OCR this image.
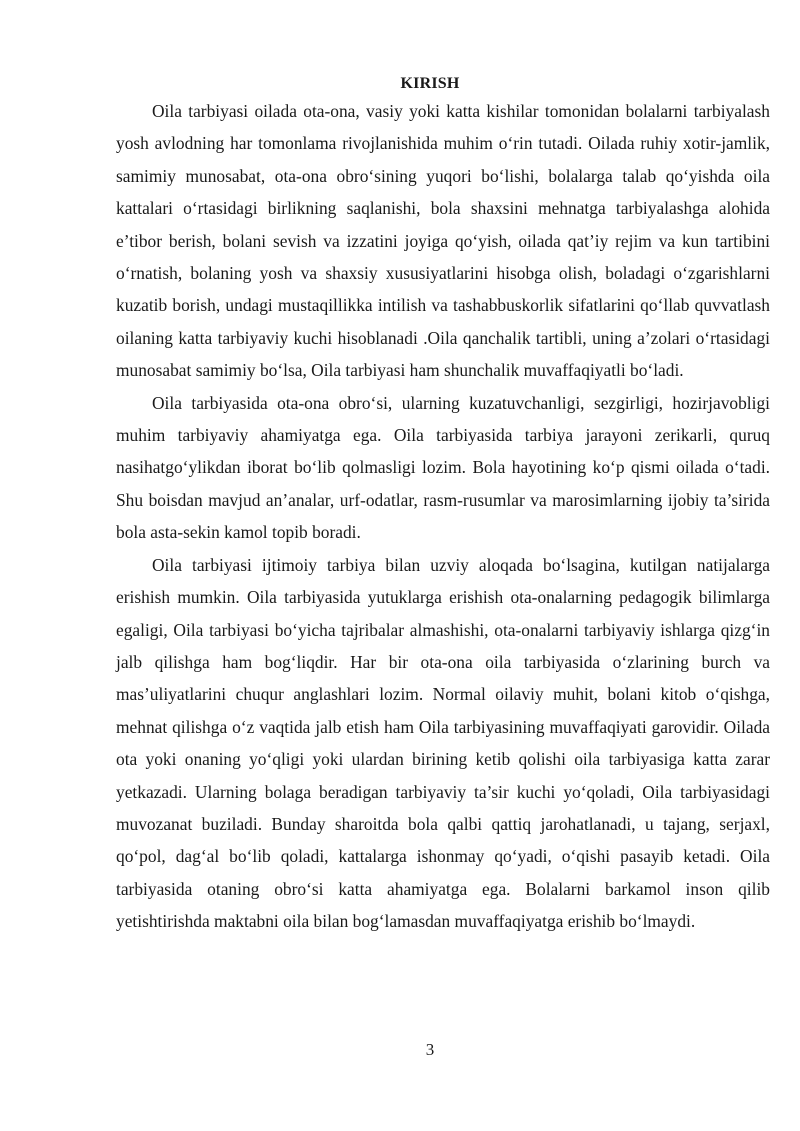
KIRISH

Oila tarbiyasi oilada ota-ona, vasiy yoki katta kishilar tomonidan bolalarni tarbiyalash yosh avlodning har tomonlama rivojlanishida muhim o‘rin tutadi. Oilada ruhiy xotir-jamlik, samimiy munosabat, ota-ona obro‘sining yuqori bo‘lishi, bolalarga talab qo‘yishda oila kattalari o‘rtasidagi birlikning saqlanishi, bola shaxsini mehnatga tarbiyalashga alohida e’tibor berish, bolani sevish va izzatini joyiga qo‘yish, oilada qat’iy rejim va kun tartibini o‘rnatish, bolaning yosh va shaxsiy xususiyatlarini hisobga olish, boladagi o‘zgarishlarni kuzatib borish, undagi mustaqillikka intilish va tashabbuskorlik sifatlarini qo‘llab quvvatlash oilaning katta tarbiyaviy kuchi hisoblanadi .Oila qanchalik tartibli, uning a’zolari o‘rtasidagi munosabat samimiy bo‘lsa, Oila tarbiyasi ham shunchalik muvaffaqiyatli bo‘ladi.

Oila tarbiyasida ota-ona obro‘si, ularning kuzatuvchanligi, sezgirligi, hozirjavobligi muhim tarbiyaviy ahamiyatga ega. Oila tarbiyasida tarbiya jarayoni zerikarli, quruq nasihatgo‘ylikdan iborat bo‘lib qolmasligi lozim. Bola hayotining ko‘p qismi oilada o‘tadi. Shu boisdan mavjud an’analar, urf-odatlar, rasm-rusumlar va marosimlarning ijobiy ta’sirida bola asta-sekin kamol topib boradi.

Oila tarbiyasi ijtimoiy tarbiya bilan uzviy aloqada bo‘lsagina, kutilgan natijalarga erishish mumkin. Oila tarbiyasida yutuklarga erishish ota-onalarning pedagogik bilimlarga egaligi, Oila tarbiyasi bo‘yicha tajribalar almashishi, ota-onalarni tarbiyaviy ishlarga qizg‘in jalb qilishga ham bog‘liqdir. Har bir ota-ona oila tarbiyasida o‘zlarining burch va mas’uliyatlarini chuqur anglashlari lozim. Normal oilaviy muhit, bolani kitob o‘qishga, mehnat qilishga o‘z vaqtida jalb etish ham Oila tarbiyasining muvaffaqiyati garovidir. Oilada ota yoki onaning yo‘qligi yoki ulardan birining ketib qolishi oila tarbiyasiga katta zarar yetkazadi. Ularning bolaga beradigan tarbiyaviy ta’sir kuchi yo‘qoladi, Oila tarbiyasidagi muvozanat buziladi. Bunday sharoitda bola qalbi qattiq jarohatlanadi, u tajang, serjaxl, qo‘pol, dag‘al bo‘lib qoladi, kattalarga ishonmay qo‘yadi, o‘qishi pasayib ketadi. Oila tarbiyasida otaning obro‘si katta ahamiyatga ega. Bolalarni barkamol inson qilib yetishtirishda maktabni oila bilan bog‘lamasdan muvaffaqiyatga erishib bo‘lmaydi.

3
